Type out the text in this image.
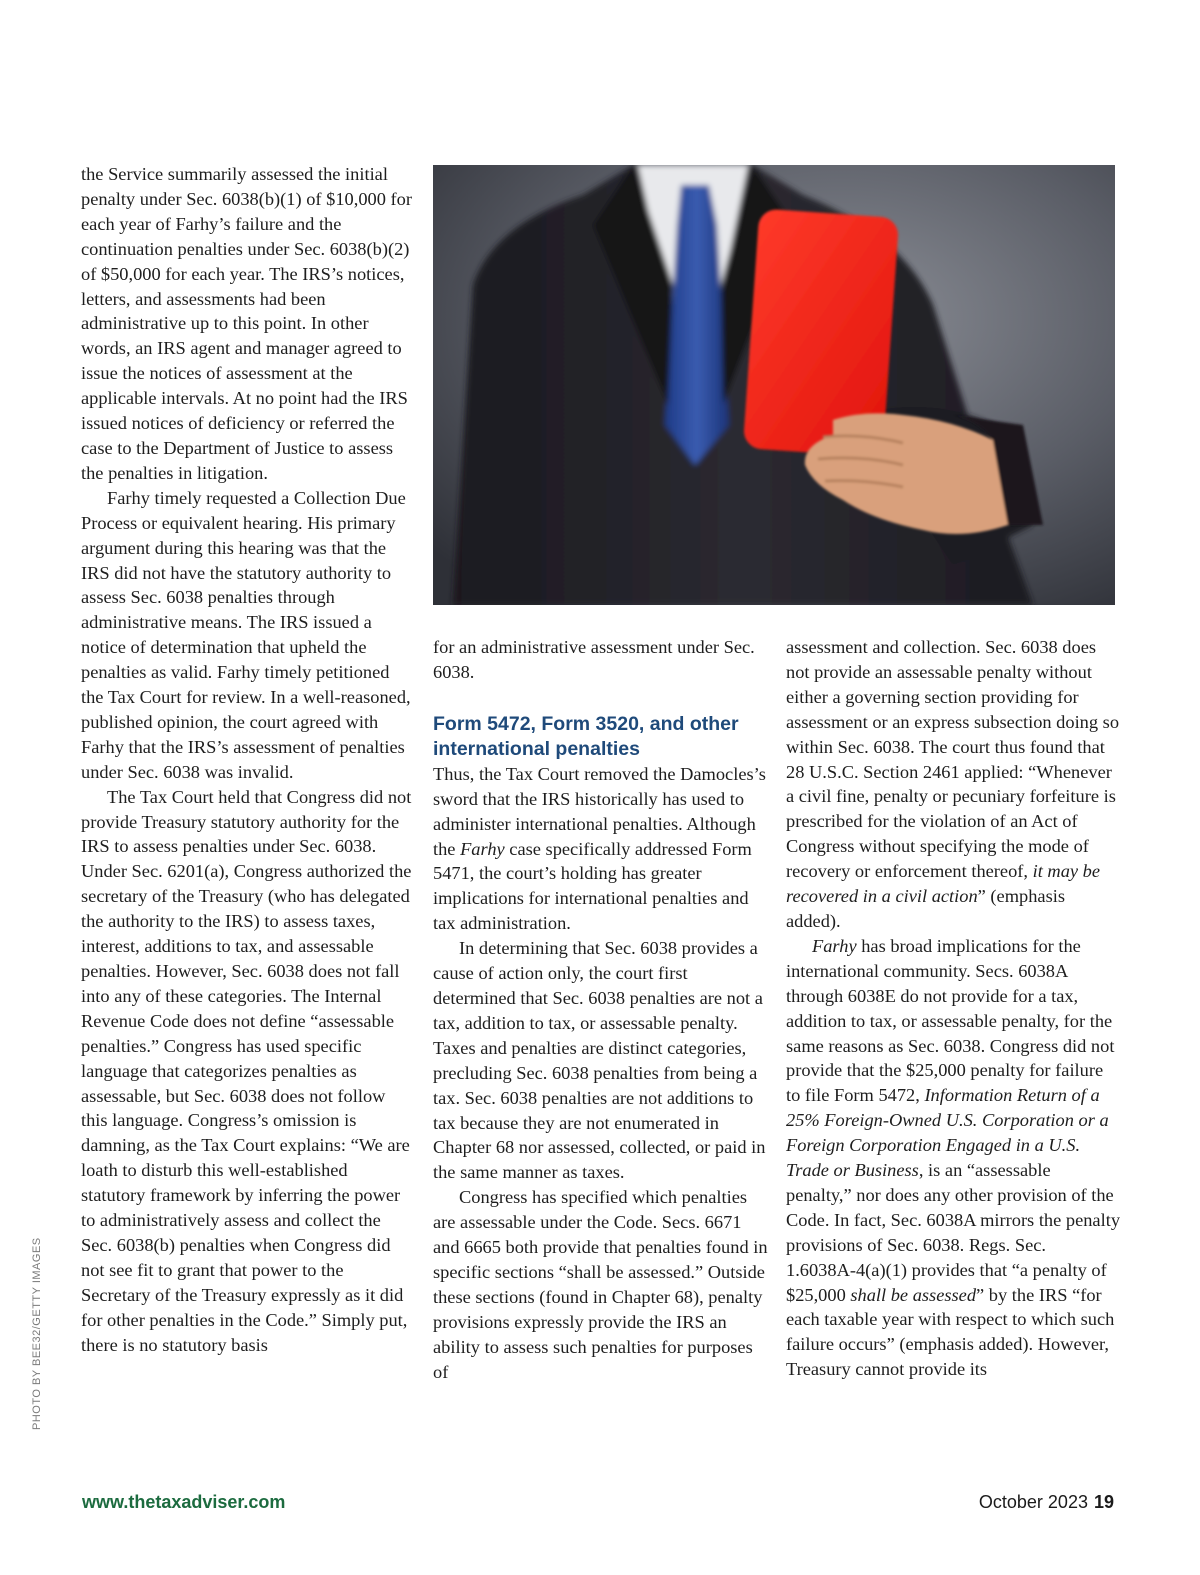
the Service summarily assessed the initial penalty under Sec. 6038(b)(1) of $10,000 for each year of Farhy’s failure and the continuation penalties under Sec. 6038(b)(2) of $50,000 for each year. The IRS’s notices, letters, and assessments had been administrative up to this point. In other words, an IRS agent and manager agreed to issue the notices of assessment at the applicable intervals. At no point had the IRS issued notices of deficiency or referred the case to the Department of Justice to assess the penalties in litigation.

Farhy timely requested a Collection Due Process or equivalent hearing. His primary argument during this hearing was that the IRS did not have the statutory authority to assess Sec. 6038 penalties through administrative means. The IRS issued a notice of determination that upheld the penalties as valid. Farhy timely petitioned the Tax Court for review. In a well-reasoned, published opinion, the court agreed with Farhy that the IRS’s assessment of penalties under Sec. 6038 was invalid.

The Tax Court held that Congress did not provide Treasury statutory authority for the IRS to assess penalties under Sec. 6038. Under Sec. 6201(a), Congress authorized the secretary of the Treasury (who has delegated the authority to the IRS) to assess taxes, interest, additions to tax, and assessable penalties. However, Sec. 6038 does not fall into any of these categories. The Internal Revenue Code does not define “assessable penalties.” Congress has used specific language that categorizes penalties as assessable, but Sec. 6038 does not follow this language. Congress’s omission is damning, as the Tax Court explains: “We are loath to disturb this well-established statutory framework by inferring the power to administratively assess and collect the Sec. 6038(b) penalties when Congress did not see fit to grant that power to the Secretary of the Treasury expressly as it did for other penalties in the Code.” Simply put, there is no statutory basis

for an administrative assessment under Sec. 6038.

Form 5472, Form 3520, and other international penalties

Thus, the Tax Court removed the Damocles’s sword that the IRS historically has used to administer international penalties. Although the Farhy case specifically addressed Form 5471, the court’s holding has greater implications for international penalties and tax administration.

In determining that Sec. 6038 provides a cause of action only, the court first determined that Sec. 6038 penalties are not a tax, addition to tax, or assessable penalty. Taxes and penalties are distinct categories, precluding Sec. 6038 penalties from being a tax. Sec. 6038 penalties are not additions to tax because they are not enumerated in Chapter 68 nor assessed, collected, or paid in the same manner as taxes.

Congress has specified which penalties are assessable under the Code. Secs. 6671 and 6665 both provide that penalties found in specific sections “shall be assessed.” Outside these sections (found in Chapter 68), penalty provisions expressly provide the IRS an ability to assess such penalties for purposes of

assessment and collection. Sec. 6038 does not provide an assessable penalty without either a governing section providing for assessment or an express subsection doing so within Sec. 6038. The court thus found that 28 U.S.C. Section 2461 applied: “Whenever a civil fine, penalty or pecuniary forfeiture is prescribed for the violation of an Act of Congress without specifying the mode of recovery or enforcement thereof, it may be recovered in a civil action” (emphasis added).

Farhy has broad implications for the international community. Secs. 6038A through 6038E do not provide for a tax, addition to tax, or assessable penalty, for the same reasons as Sec. 6038. Congress did not provide that the $25,000 penalty for failure to file Form 5472, Information Return of a 25% Foreign-Owned U.S. Corporation or a Foreign Corporation Engaged in a U.S. Trade or Business, is an “assessable penalty,” nor does any other provision of the Code. In fact, Sec. 6038A mirrors the penalty provisions of Sec. 6038. Regs. Sec. 1.6038A-4(a)(1) provides that “a penalty of $25,000 shall be assessed” by the IRS “for each taxable year with respect to which such failure occurs” (emphasis added). However, Treasury cannot provide its

PHOTO BY BEE32/GETTY IMAGES
www.thetaxadviser.com	October 2023 19
